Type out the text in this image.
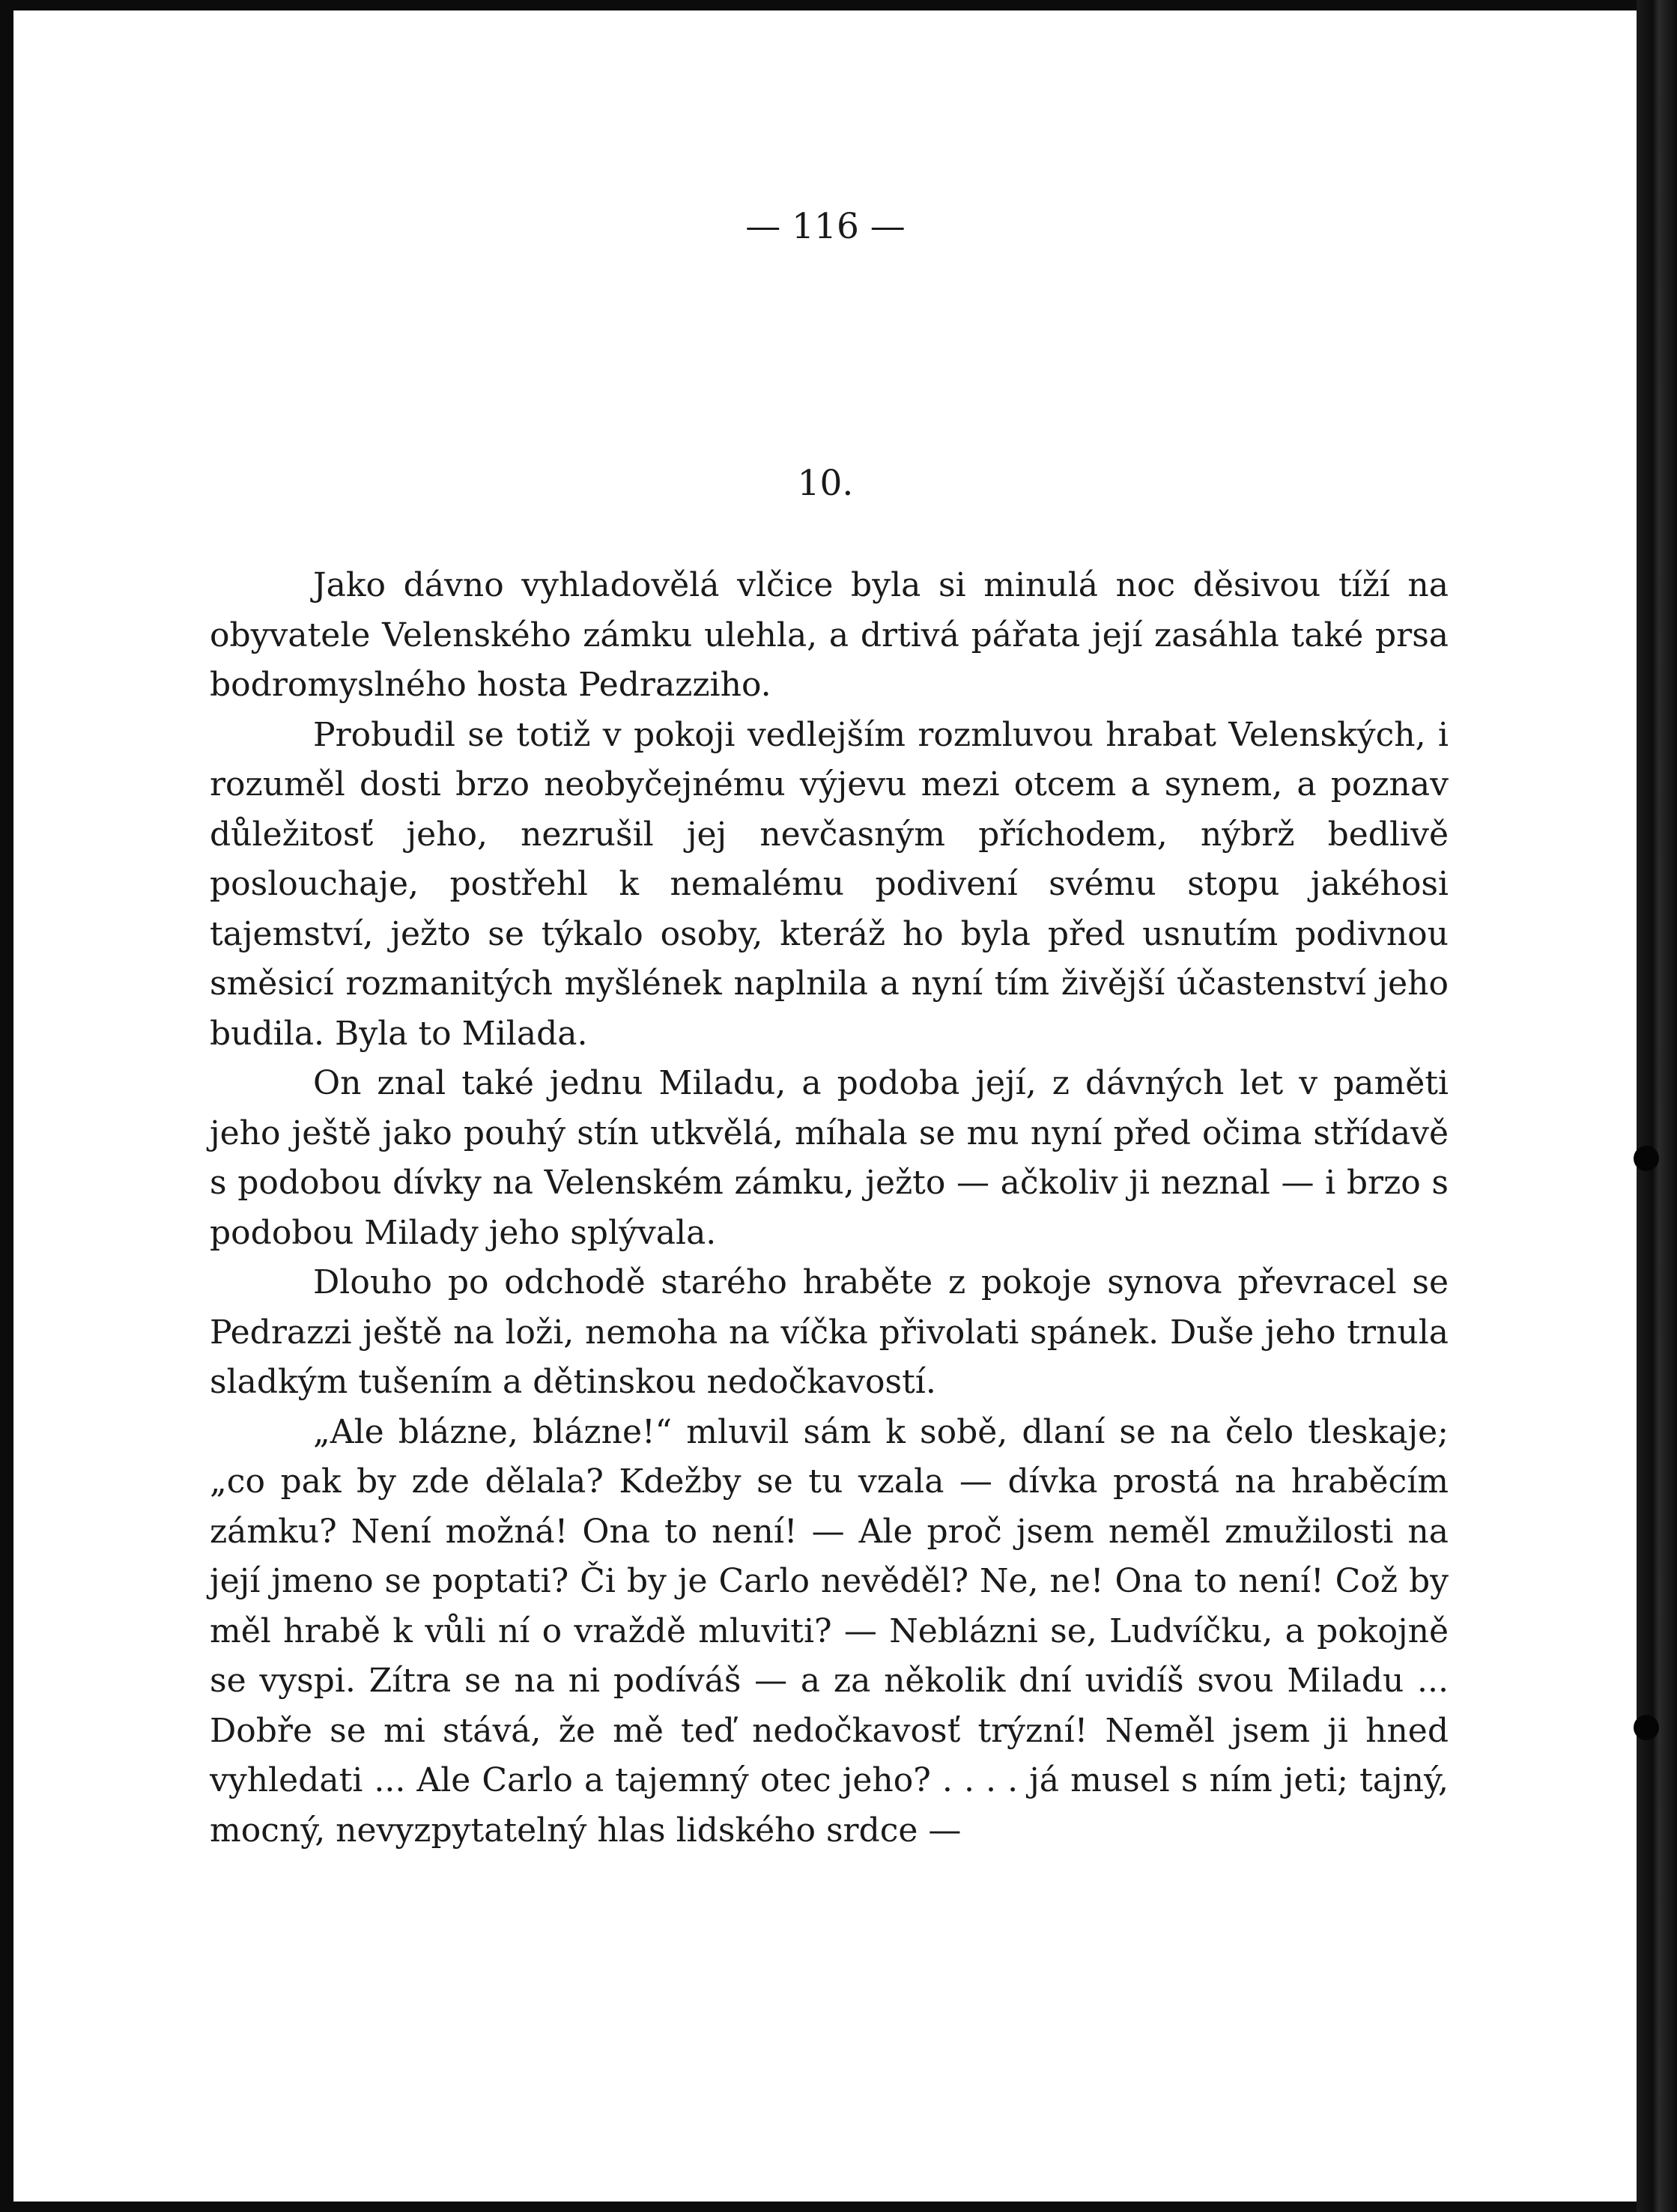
— 116 —
10.

Jako dávno vyhladovělá vlčice byla si minulá noc děsivou tíží na obyvatele Velenského zámku ulehla, a drtivá pářata její zasáhla také prsa bodromyslného hosta Pedrazziho.

Probudil se totiž v pokoji vedlejším rozmluvou hrabat Velenských, i rozuměl dosti brzo neobyčejnému výjevu mezi otcem a synem, a poznav důležitosť jeho, nezrušil jej nevčasným příchodem, nýbrž bedlivě poslouchaje, postřehl k nemalému podivení svému stopu jakéhosi tajemství, ježto se týkalo osoby, kteráž ho byla před usnutím podivnou směsicí rozmanitých myšlének naplnila a nyní tím živější účastenství jeho budila. Byla to Milada.

On znal také jednu Miladu, a podoba její, z dávných let v paměti jeho ještě jako pouhý stín utkvělá, míhala se mu nyní před očima střídavě s podobou dívky na Velenském zámku, ježto — ačkoliv ji neznal — i brzo s podobou Milady jeho splývala.

Dlouho po odchodě starého hraběte z pokoje synova převracel se Pedrazzi ještě na loži, nemoha na víčka přivolati spánek. Duše jeho trnula sladkým tušením a dětinskou nedočkavostí.

„Ale blázne, blázne!“ mluvil sám k sobě, dlaní se na čelo tleskaje; „co pak by zde dělala? Kdežby se tu vzala — dívka prostá na hraběcím zámku? Není možná! Ona to není! — Ale proč jsem neměl zmužilosti na její jmeno se poptati? Či by je Carlo nevěděl? Ne, ne! Ona to není! Což by měl hrabě k vůli ní o vraždě mluviti? — Neblázni se, Ludvíčku, a pokojně se vyspi. Zítra se na ni podíváš — a za několik dní uvidíš svou Miladu ... Dobře se mi stává, že mě teď nedočkavosť trýzní! Neměl jsem ji hned vyhledati ... Ale Carlo a tajemný otec jeho? . . . . já musel s ním jeti; tajný, mocný, nevyzpytatelný hlas lidského srdce —
